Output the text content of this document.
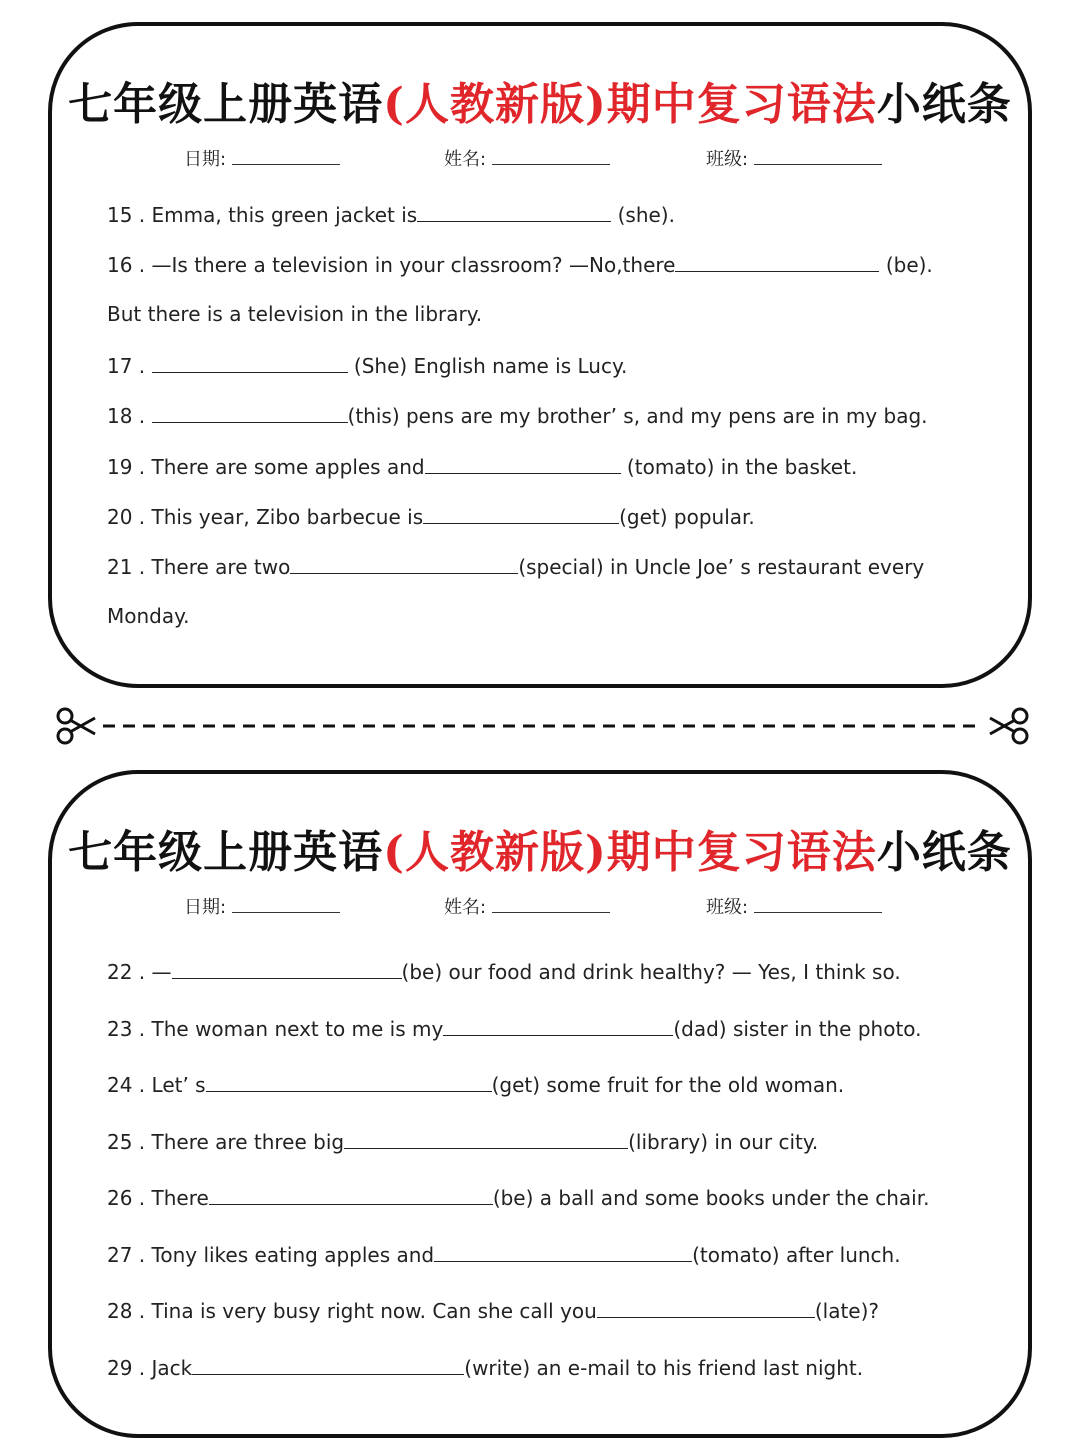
七年级上册英语(人教新版)期中复习语法小纸条
日期:	姓名:	班级:
15 . Emma, this green jacket is	(she).
16 . —Is there a television in your classroom? —No,there	(be).
But there is a television in the library.
17 .	(She) English name is Lucy.
18 .	(this) pens are my brother’ s, and my pens are in my bag.
19 . There are some apples and	(tomato) in the basket.
20 . This year, Zibo barbecue is	(get) popular.
21 . There are two	(special) in Uncle Joe’ s restaurant every
Monday.
七年级上册英语(人教新版)期中复习语法小纸条
日期:	姓名:	班级:
22 . —	(be) our food and drink healthy? — Yes, I think so.
23 . The woman next to me is my	(dad) sister in the photo.
24 . Let’ s	(get) some fruit for the old woman.
25 . There are three big	(library) in our city.
26 . There	(be) a ball and some books under the chair.
27 . Tony likes eating apples and	(tomato) after lunch.
28 . Tina is very busy right now. Can she call you	(late)?
29 . Jack	(write) an e-mail to his friend last night.
